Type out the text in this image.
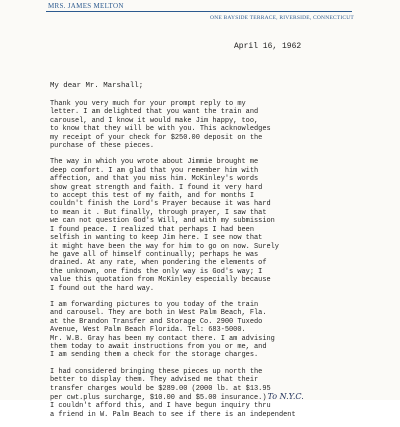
MRS. JAMES MELTON
ONE BAYSIDE TERRACE, RIVERSIDE, CONNECTICUT
April 16, 1962
My dear Mr. Marshall;

Thank you very much for your prompt reply to my
letter. I am delighted that you want the train and
carousel, and I know it would make Jim happy, too,
to know that they will be with you. This acknowledges
my receipt of your check for $250.00 deposit on the
purchase of these pieces.

The way in which you wrote about Jimmie brought me
deep comfort. I am glad that you remember him with
affection, and that you miss him. McKinley's words
show great strength and faith. I found it very hard
to accept this test of my faith, and for months I
couldn't finish the Lord's Prayer because it was hard
to mean it . But finally, through prayer, I saw that
we can not question God's Will, and with my submission
I found peace. I realized that perhaps I had been
selfish in wanting to keep Jim here. I see now that
it might have been the way for him to go on now. Surely
he gave all of himself continually; perhaps he was
drained. At any rate, when pondering the elements of
the unknown, one finds the only way is God's way; I
value this quotation from McKinley especially because
I found out the hard way.

I am forwarding pictures to you today of the train
and carousel. They are both in West Palm Beach, Fla.
at the Brandon Transfer and Storage Co. 2900 Tuxedo
Avenue, West Palm Beach Florida. Tel: 683-5000.
Mr. W.B. Gray has been my contact there. I am advising
them today to await instructions from you or me, and
I am sending them a check for the storage charges.

I had considered bringing these pieces up north the
better to display them. They advised me that their
transfer charges would be $289.00 (2000 lb. at $13.95
per cwt.plus surcharge, $10.00 and $5.00 insurance.)To N.Y.C.
I couldn't afford this, and I have begun inquiry thru
a friend in W. Palm Beach to see if there is an independent
